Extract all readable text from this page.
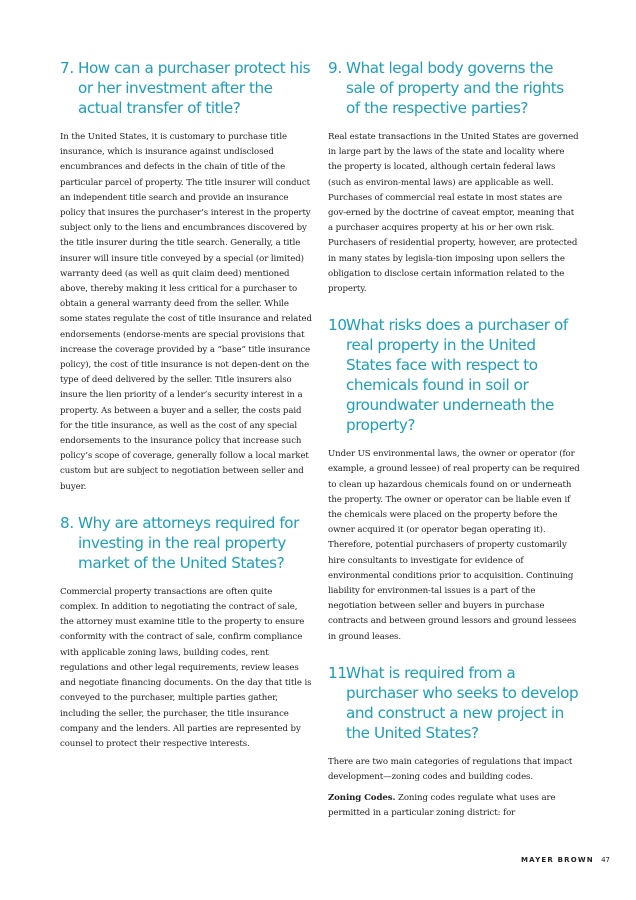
7. How can a purchaser protect his or her investment after the actual transfer of title?

In the United States, it is customary to purchase title insurance, which is insurance against undisclosed encumbrances and defects in the chain of title of the particular parcel of property. The title insurer will conduct an independent title search and provide an insurance policy that insures the purchaser’s interest in the property subject only to the liens and encumbrances discovered by the title insurer during the title search. Generally, a title insurer will insure title conveyed by a special (or limited) warranty deed (as well as quit claim deed) mentioned above, thereby making it less critical for a purchaser to obtain a general warranty deed from the seller. While some states regulate the cost of title insurance and related endorsements (endorse-ments are special provisions that increase the coverage provided by a “base” title insurance policy), the cost of title insurance is not depen-dent on the type of deed delivered by the seller. Title insurers also insure the lien priority of a lender’s security interest in a property. As between a buyer and a seller, the costs paid for the title insurance, as well as the cost of any special endorsements to the insurance policy that increase such policy’s scope of coverage, generally follow a local market custom but are subject to negotiation between seller and buyer.

8. Why are attorneys required for investing in the real property market of the United States?

Commercial property transactions are often quite complex. In addition to negotiating the contract of sale, the attorney must examine title to the property to ensure conformity with the contract of sale, confirm compliance with applicable zoning laws, building codes, rent regulations and other legal requirements, review leases and negotiate financing documents. On the day that title is conveyed to the purchaser, multiple parties gather, including the seller, the purchaser, the title insurance company and the lenders. All parties are represented by counsel to protect their respective interests.

9. What legal body governs the sale of property and the rights of the respective parties?

Real estate transactions in the United States are governed in large part by the laws of the state and locality where the property is located, although certain federal laws (such as environ-mental laws) are applicable as well. Purchases of commercial real estate in most states are gov-erned by the doctrine of caveat emptor, meaning that a purchaser acquires property at his or her own risk. Purchasers of residential property, however, are protected in many states by legisla-tion imposing upon sellers the obligation to disclose certain information related to the property.

10.
What risks does a purchaser of real property in the United States face with respect to chemicals found in soil or groundwater underneath the property?

Under US environmental laws, the owner or operator (for example, a ground lessee) of real property can be required to clean up hazardous chemicals found on or underneath the property. The owner or operator can be liable even if the chemicals were placed on the property before the owner acquired it (or operator began operating it). Therefore, potential purchasers of property customarily hire consultants to investigate for evidence of environmental conditions prior to acquisition. Continuing liability for environmen-tal issues is a part of the negotiation between seller and buyers in purchase contracts and between ground lessors and ground lessees in ground leases.

11.
What is required from a purchaser who seeks to develop and construct a new project in the United States?

There are two main categories of regulations that impact development—zoning codes and building codes.

Zoning Codes. Zoning codes regulate what uses are permitted in a particular zoning district: for

MAYER BROWN 47
